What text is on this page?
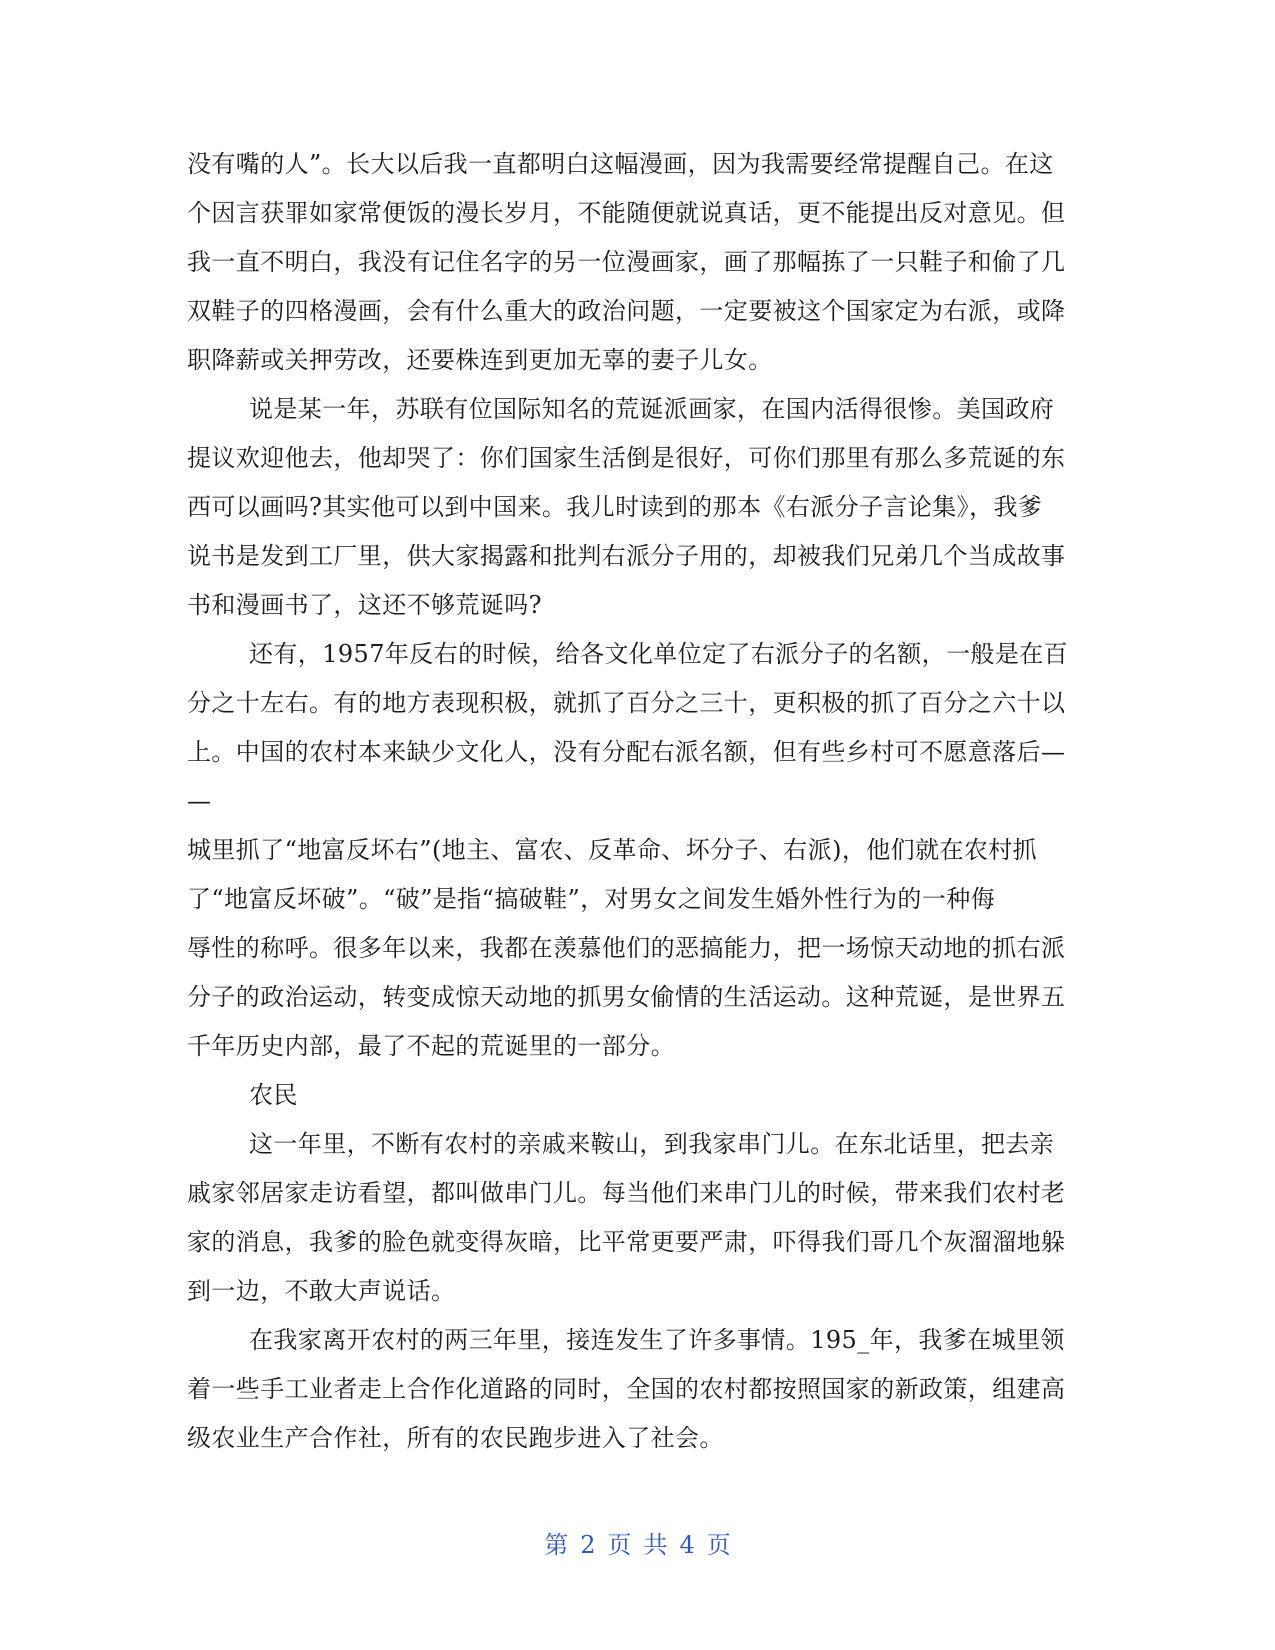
没有嘴的人”。长大以后我一直都明白这幅漫画，因为我需要经常提醒自己。在这
个因言获罪如家常便饭的漫长岁月，不能随便就说真话，更不能提出反对意见。但
我一直不明白，我没有记住名字的另一位漫画家，画了那幅拣了一只鞋子和偷了几
双鞋子的四格漫画，会有什么重大的政治问题，一定要被这个国家定为右派，或降
职降薪或关押劳改，还要株连到更加无辜的妻子儿女。
说是某一年，苏联有位国际知名的荒诞派画家，在国内活得很惨。美国政府
提议欢迎他去，他却哭了：你们国家生活倒是很好，可你们那里有那么多荒诞的东
西可以画吗?其实他可以到中国来。我儿时读到的那本《右派分子言论集》，我爹
说书是发到工厂里，供大家揭露和批判右派分子用的，却被我们兄弟几个当成故事
书和漫画书了，这还不够荒诞吗?
还有，1957年反右的时候，给各文化单位定了右派分子的名额，一般是在百
分之十左右。有的地方表现积极，就抓了百分之三十，更积极的抓了百分之六十以
上。中国的农村本来缺少文化人，没有分配右派名额，但有些乡村可不愿意落后—
—
城里抓了“地富反坏右”(地主、富农、反革命、坏分子、右派)，他们就在农村抓
了“地富反坏破”。“破”是指“搞破鞋”，对男女之间发生婚外性行为的一种侮
辱性的称呼。很多年以来，我都在羡慕他们的恶搞能力，把一场惊天动地的抓右派
分子的政治运动，转变成惊天动地的抓男女偷情的生活运动。这种荒诞，是世界五
千年历史内部，最了不起的荒诞里的一部分。
农民
这一年里，不断有农村的亲戚来鞍山，到我家串门儿。在东北话里，把去亲
戚家邻居家走访看望，都叫做串门儿。每当他们来串门儿的时候，带来我们农村老
家的消息，我爹的脸色就变得灰暗，比平常更要严肃，吓得我们哥几个灰溜溜地躲
到一边，不敢大声说话。
在我家离开农村的两三年里，接连发生了许多事情。195_年，我爹在城里领
着一些手工业者走上合作化道路的同时，全国的农村都按照国家的新政策，组建高
级农业生产合作社，所有的农民跑步进入了社会。
第 2 页 共 4 页
